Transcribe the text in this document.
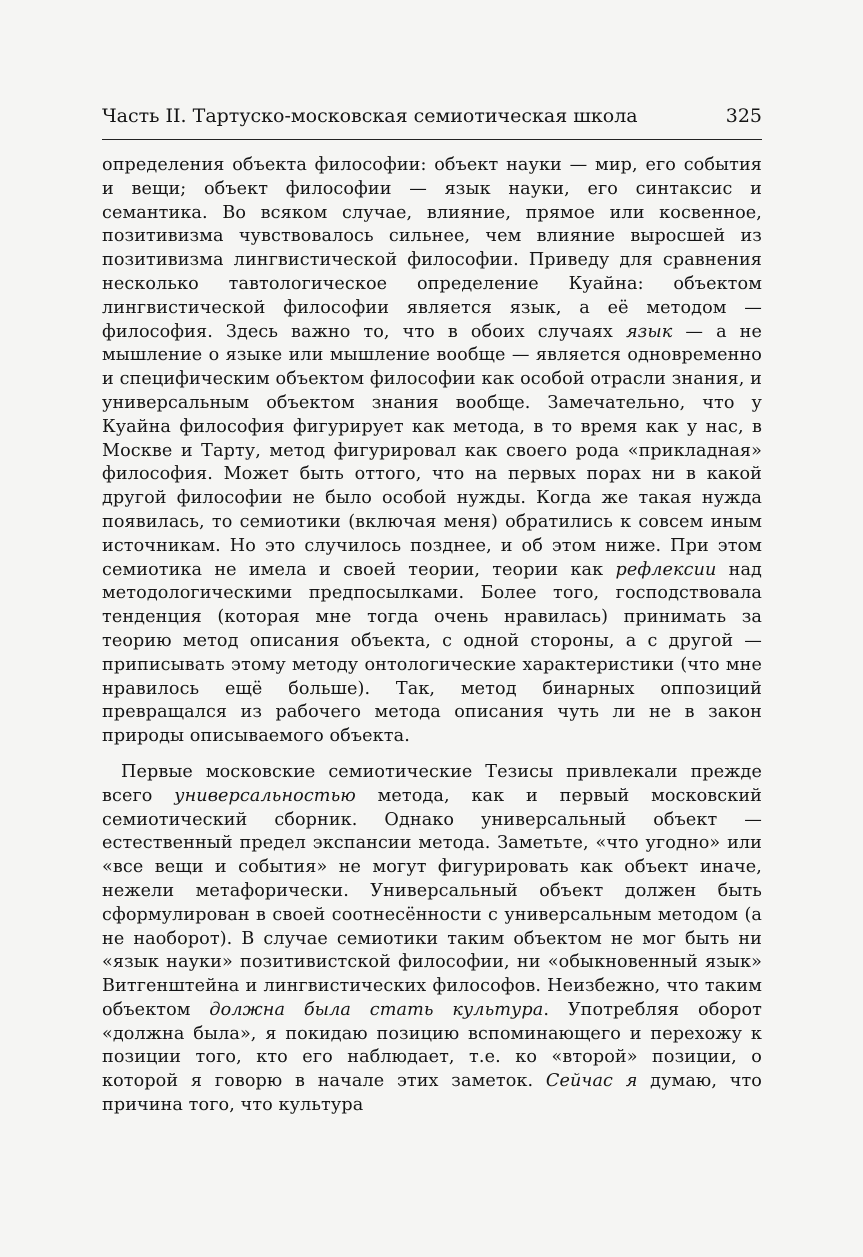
Часть II. Тартуско-московская семиотическая школа	325

определения объекта философии: объект науки — мир, его события и вещи; объект философии — язык науки, его синтаксис и семантика. Во всяком случае, влияние, прямое или косвенное, позитивизма чувствовалось сильнее, чем влияние выросшей из позитивизма лингвистической философии. Приведу для сравнения несколько тавтологическое определение Куайна: объектом лингвистической философии является язык, а её методом — философия. Здесь важно то, что в обоих случаях язык — а не мышление о языке или мышление вообще — является одновременно и специфическим объектом философии как особой отрасли знания, и универсальным объектом знания вообще. Замечательно, что у Куайна философия фигурирует как метода, в то время как у нас, в Москве и Тарту, метод фигурировал как своего рода «прикладная» философия. Может быть оттого, что на первых порах ни в какой другой философии не было особой нужды. Когда же такая нужда появилась, то семиотики (включая меня) обратились к совсем иным источникам. Но это случилось позднее, и об этом ниже. При этом семиотика не имела и своей теории, теории как рефлексии над методологическими предпосылками. Более того, господствовала тенденция (которая мне тогда очень нравилась) принимать за теорию метод описания объекта, с одной стороны, а с другой — приписывать этому методу онтологические характеристики (что мне нравилось ещё больше). Так, метод бинарных оппозиций превращался из рабочего метода описания чуть ли не в закон природы описываемого объекта.

Первые московские семиотические Тезисы привлекали прежде всего универсальностью метода, как и первый московский семиотический сборник. Однако универсальный объект — естественный предел экспансии метода. Заметьте, «что угодно» или «все вещи и события» не могут фигурировать как объект иначе, нежели метафорически. Универсальный объект должен быть сформулирован в своей соотнесённости с универсальным методом (а не наоборот). В случае семиотики таким объектом не мог быть ни «язык науки» позитивистской философии, ни «обыкновенный язык» Витгенштейна и лингвистических философов. Неизбежно, что таким объектом должна была стать культура. Употребляя оборот «должна была», я покидаю позицию вспоминающего и перехожу к позиции того, кто его наблюдает, т.е. ко «второй» позиции, о которой я говорю в начале этих заметок. Сейчас я думаю, что причина того, что культура
